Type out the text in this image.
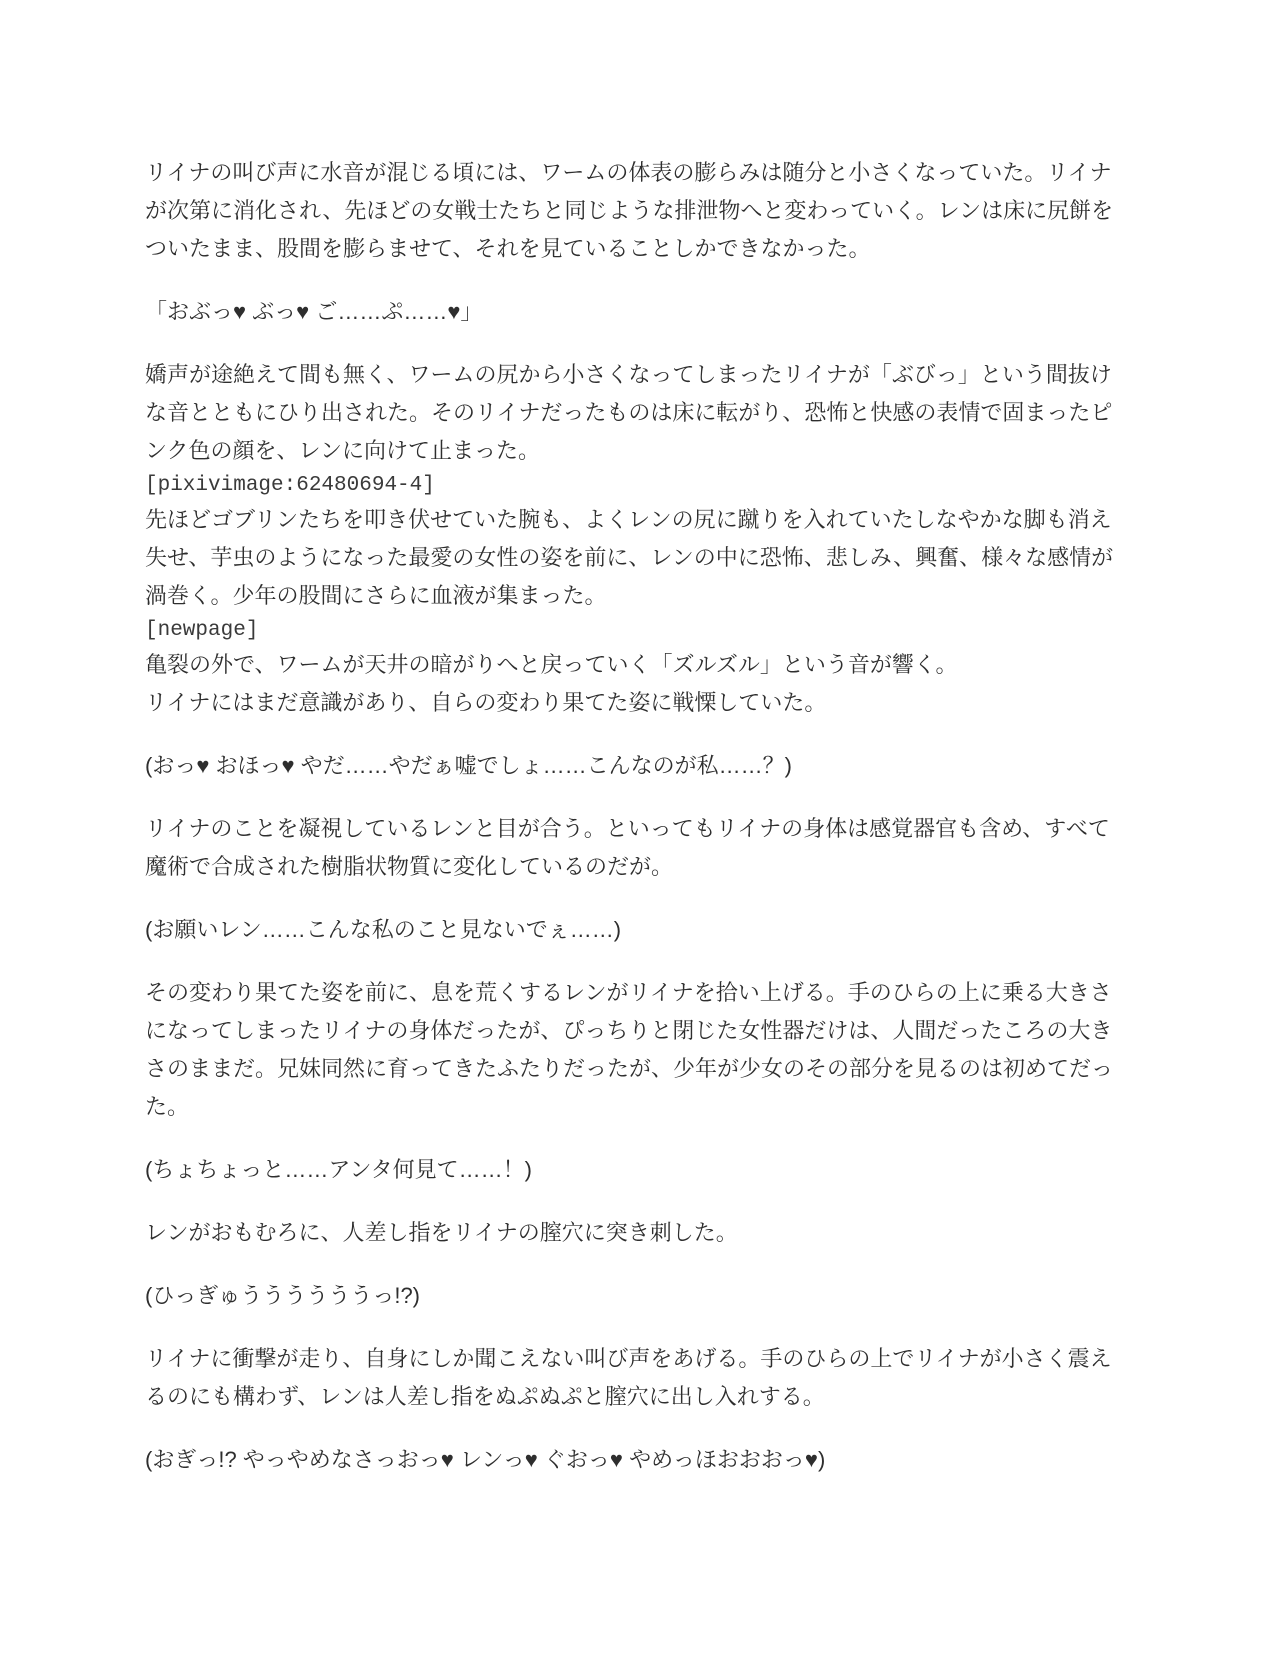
リイナの叫び声に水音が混じる頃には、ワームの体表の膨らみは随分と小さくなっていた。リイナ
が次第に消化され、先ほどの女戦士たちと同じような排泄物へと変わっていく。レンは床に尻餅を
ついたまま、股間を膨らませて、それを見ていることしかできなかった。
「おぶっ♥ ぶっ♥ ご……ぷ……♥」
嬌声が途絶えて間も無く、ワームの尻から小さくなってしまったリイナが「ぶびっ」という間抜け
な音とともにひり出された。そのリイナだったものは床に転がり、恐怖と快感の表情で固まったピ
ンク色の顔を、レンに向けて止まった。
[pixivimage:62480694-4]
先ほどゴブリンたちを叩き伏せていた腕も、よくレンの尻に蹴りを入れていたしなやかな脚も消え
失せ、芋虫のようになった最愛の女性の姿を前に、レンの中に恐怖、悲しみ、興奮、様々な感情が
渦巻く。少年の股間にさらに血液が集まった。
[newpage]
亀裂の外で、ワームが天井の暗がりへと戻っていく「ズルズル」という音が響く。
リイナにはまだ意識があり、自らの変わり果てた姿に戦慄していた。
(おっ♥ おほっ♥ やだ……やだぁ嘘でしょ……こんなのが私……？)
リイナのことを凝視しているレンと目が合う。といってもリイナの身体は感覚器官も含め、すべて
魔術で合成された樹脂状物質に変化しているのだが。
(お願いレン……こんな私のこと見ないでぇ……)
その変わり果てた姿を前に、息を荒くするレンがリイナを拾い上げる。手のひらの上に乗る大きさ
になってしまったリイナの身体だったが、ぴっちりと閉じた女性器だけは、人間だったころの大き
さのままだ。兄妹同然に育ってきたふたりだったが、少年が少女のその部分を見るのは初めてだっ
た。
(ちょちょっと……アンタ何見て……！)
レンがおもむろに、人差し指をリイナの膣穴に突き刺した。
(ひっぎゅううううううっ!?)
リイナに衝撃が走り、自身にしか聞こえない叫び声をあげる。手のひらの上でリイナが小さく震え
るのにも構わず、レンは人差し指をぬぷぬぷと膣穴に出し入れする。
(おぎっ!? やっやめなさっおっ♥ レンっ♥ ぐおっ♥ やめっほおおおっ♥)
